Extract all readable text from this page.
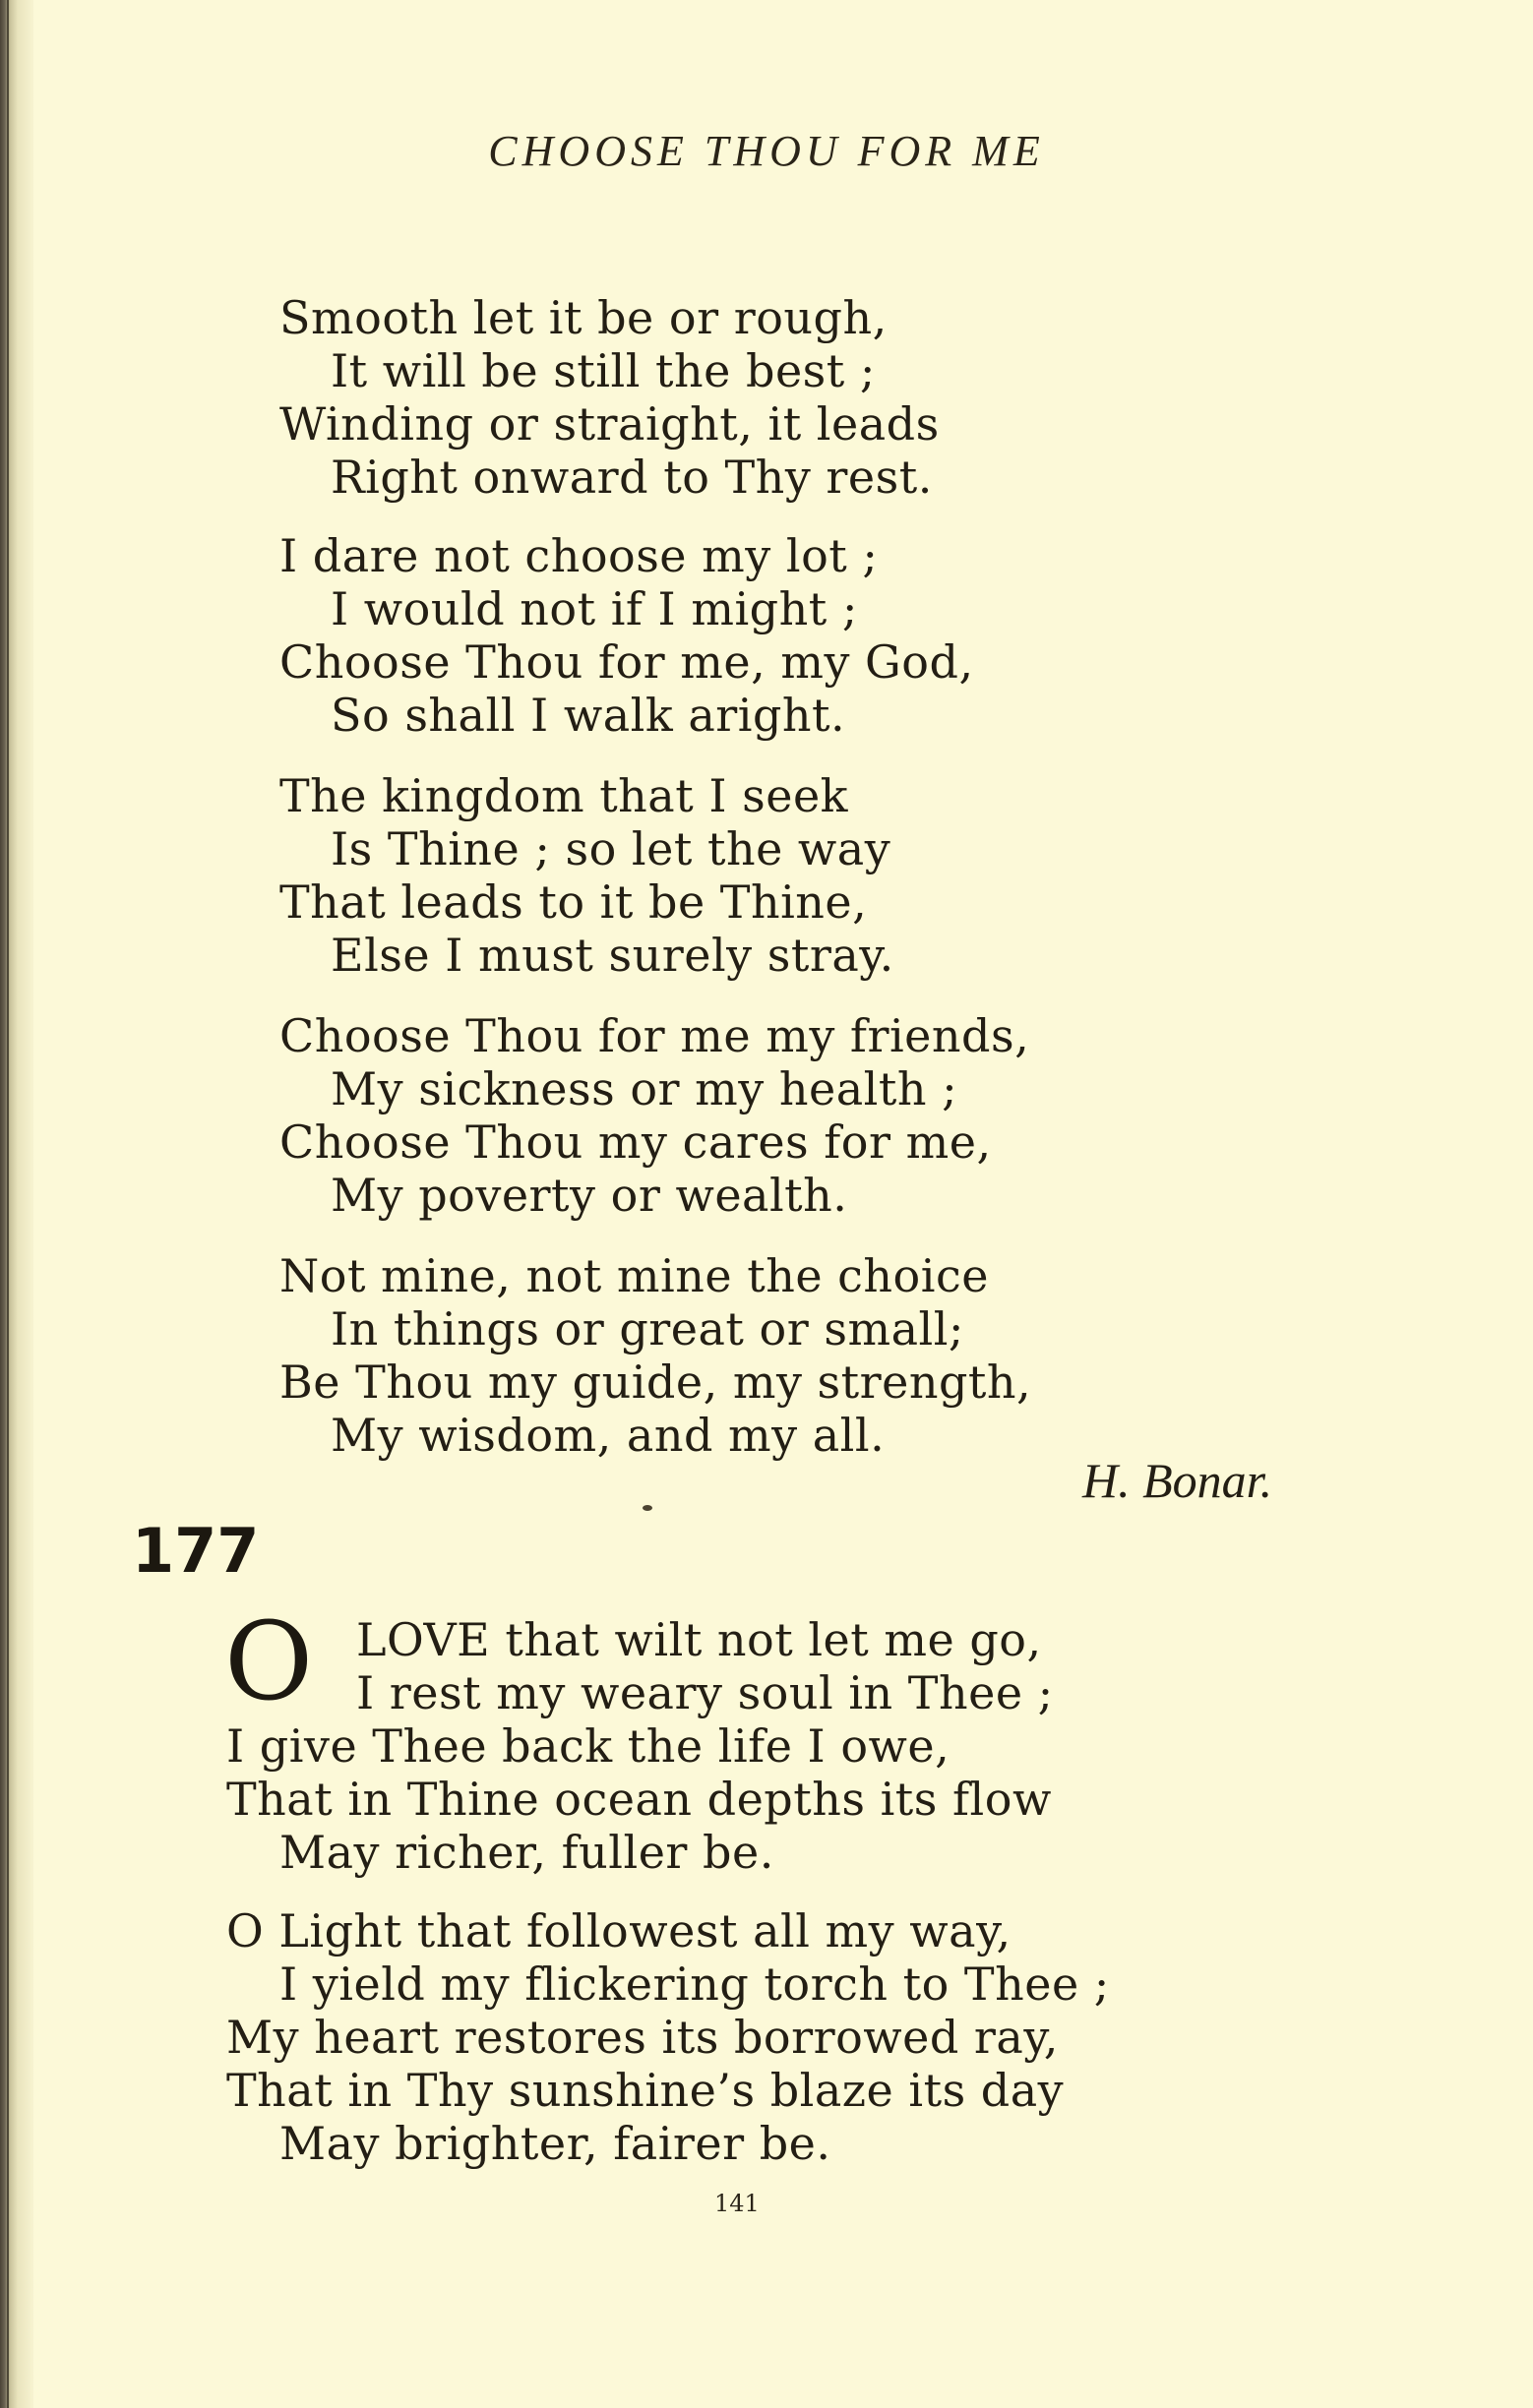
CHOOSE THOU FOR ME
Smooth let it be or rough,
It will be still the best ;
Winding or straight, it leads
Right onward to Thy rest.
I dare not choose my lot ;
I would not if I might ;
Choose Thou for me, my God,
So shall I walk aright.
The kingdom that I seek
Is Thine ; so let the way
That leads to it be Thine,
Else I must surely stray.
Choose Thou for me my friends,
My sickness or my health ;
Choose Thou my cares for me,
My poverty or wealth.
Not mine, not mine the choice
In things or great or small;
Be Thou my guide, my strength,
My wisdom, and my all.
H. Bonar.
177
O LOVE that wilt not let me go,
I rest my weary soul in Thee ;
I give Thee back the life I owe,
That in Thine ocean depths its flow
May richer, fuller be.
O Light that followest all my way,
I yield my flickering torch to Thee ;
My heart restores its borrowed ray,
That in Thy sunshine’s blaze its day
May brighter, fairer be.
141
